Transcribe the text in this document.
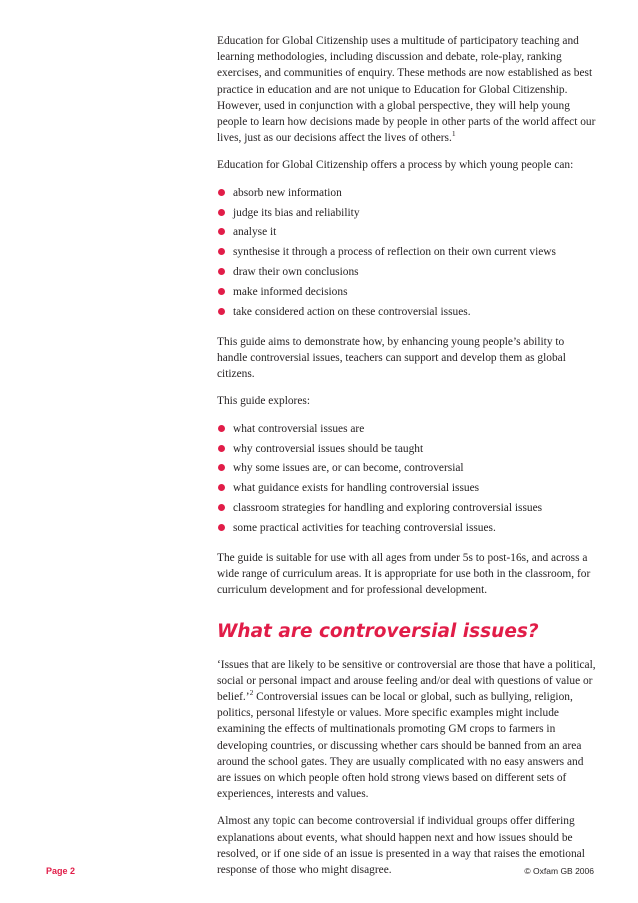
Education for Global Citizenship uses a multitude of participatory teaching and learning methodologies, including discussion and debate, role-play, ranking exercises, and communities of enquiry. These methods are now established as best practice in education and are not unique to Education for Global Citizenship. However, used in conjunction with a global perspective, they will help young people to learn how decisions made by people in other parts of the world affect our lives, just as our decisions affect the lives of others.$^1$

Education for Global Citizenship offers a process by which young people can:

absorb new information
judge its bias and reliability
analyse it
synthesise it through a process of reflection on their own current views
draw their own conclusions
make informed decisions
take considered action on these controversial issues.

This guide aims to demonstrate how, by enhancing young people’s ability to handle controversial issues, teachers can support and develop them as global citizens.

This guide explores:

what controversial issues are
why controversial issues should be taught
why some issues are, or can become, controversial
what guidance exists for handling controversial issues
classroom strategies for handling and exploring controversial issues
some practical activities for teaching controversial issues.

The guide is suitable for use with all ages from under 5s to post-16s, and across a wide range of curriculum areas. It is appropriate for use both in the classroom, for curriculum development and for professional development.

What are controversial issues?

‘Issues that are likely to be sensitive or controversial are those that have a political, social or personal impact and arouse feeling and/or deal with questions of value or belief.’$^2$ Controversial issues can be local or global, such as bullying, religion, politics, personal lifestyle or values. More specific examples might include examining the effects of multinationals promoting GM crops to farmers in developing countries, or discussing whether cars should be banned from an area around the school gates. They are usually complicated with no easy answers and are issues on which people often hold strong views based on different sets of experiences, interests and values.

Almost any topic can become controversial if individual groups offer differing explanations about events, what should happen next and how issues should be resolved, or if one side of an issue is presented in a way that raises the emotional response of those who might disagree.

Page 2	© Oxfam GB 2006
